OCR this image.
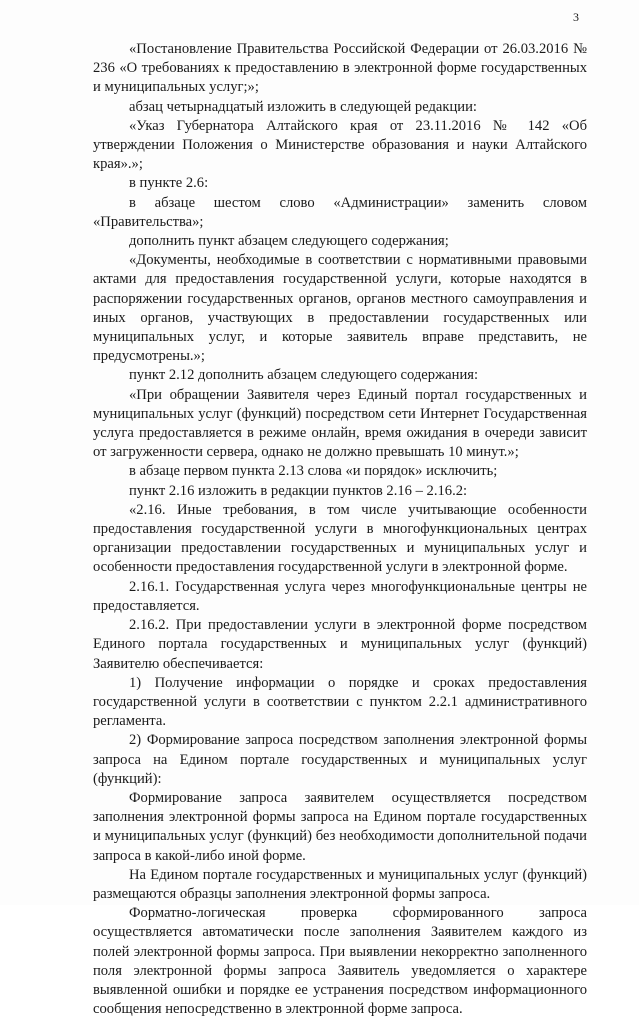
3

«Постановление Правительства Российской Федерации от 26.03.2016 № 236 «О требованиях к предоставлению в электронной форме государственных и муниципальных услуг;»;

абзац четырнадцатый изложить в следующей редакции:

«Указ Губернатора Алтайского края от 23.11.2016 № 142 «Об утверждении Положения о Министерстве образования и науки Алтайского края».»;

в пункте 2.6:

в абзаце шестом слово «Администрации» заменить словом «Правительства»;

дополнить пункт абзацем следующего содержания;

«Документы, необходимые в соответствии с нормативными правовыми актами для предоставления государственной услуги, которые находятся в распоряжении государственных органов, органов местного самоуправления и иных органов, участвующих в предоставлении государственных или муниципальных услуг, и которые заявитель вправе представить, не предусмотрены.»;

пункт 2.12 дополнить абзацем следующего содержания:

«При обращении Заявителя через Единый портал государственных и муниципальных услуг (функций) посредством сети Интернет Государственная услуга предоставляется в режиме онлайн, время ожидания в очереди зависит от загруженности сервера, однако не должно превышать 10 минут.»;

в абзаце первом пункта 2.13 слова «и порядок» исключить;

пункт 2.16 изложить в редакции пунктов 2.16 – 2.16.2:

«2.16. Иные требования, в том числе учитывающие особенности предоставления государственной услуги в многофункциональных центрах организации предоставлении государственных и муниципальных услуг и особенности предоставления государственной услуги в электронной форме.

2.16.1. Государственная услуга через многофункциональные центры не предоставляется.

2.16.2. При предоставлении услуги в электронной форме посредством Единого портала государственных и муниципальных услуг (функций) Заявителю обеспечивается:

1) Получение информации о порядке и сроках предоставления государственной услуги в соответствии с пунктом 2.2.1 административного регламента.

2) Формирование запроса посредством заполнения электронной формы запроса на Едином портале государственных и муниципальных услуг (функций):

Формирование запроса заявителем осуществляется посредством заполнения электронной формы запроса на Едином портале государственных и муниципальных услуг (функций) без необходимости дополнительной подачи запроса в какой-либо иной форме.

На Едином портале государственных и муниципальных услуг (функций) размещаются образцы заполнения электронной формы запроса.

Форматно-логическая проверка сформированного запроса осуществляется автоматически после заполнения Заявителем каждого из полей электронной формы запроса. При выявлении некорректно заполненного поля электронной формы запроса Заявитель уведомляется о характере выявленной ошибки и порядке ее устранения посредством информационного сообщения непосредственно в электронной форме запроса.
